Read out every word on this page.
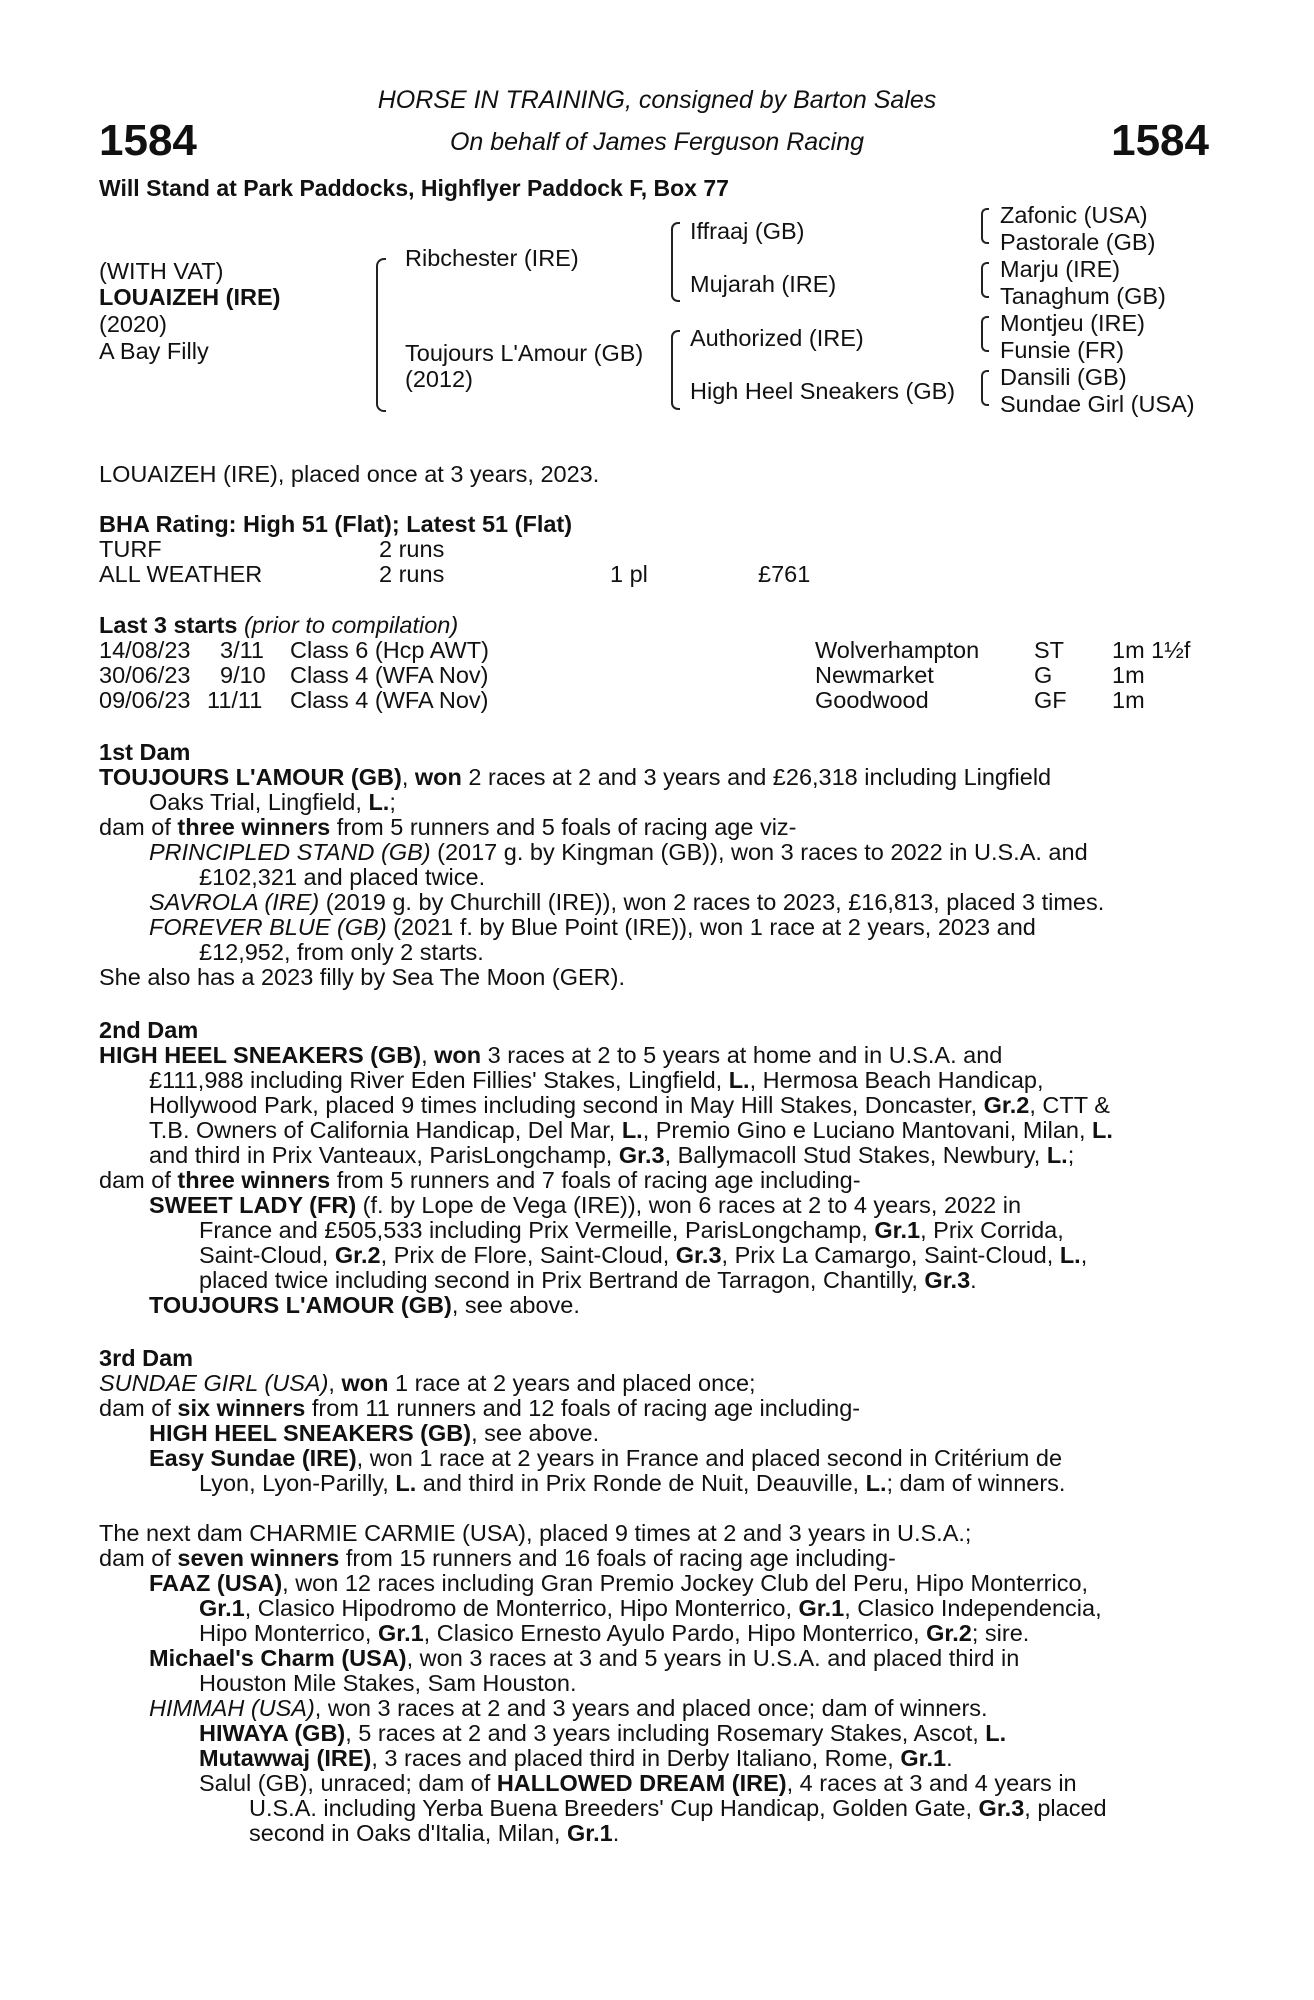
1584	1584
HORSE IN TRAINING, consigned by Barton Sales
On behalf of James Ferguson Racing
Will Stand at Park Paddocks, Highflyer Paddock F, Box 77
(WITH VAT)
LOUAIZEH (IRE)
(2020)
A Bay Filly
Ribchester (IRE)
Toujours L'Amour (GB)
(2012)
Iffraaj (GB)
Mujarah (IRE)
Authorized (IRE)
High Heel Sneakers (GB)
Zafonic (USA)
Pastorale (GB)
Marju (IRE)
Tanaghum (GB)
Montjeu (IRE)
Funsie (FR)
Dansili (GB)
Sundae Girl (USA)
LOUAIZEH (IRE), placed once at 3 years, 2023.
BHA Rating: High 51 (Flat); Latest 51 (Flat)
TURF	2 runs
ALL WEATHER	2 runs	1 pl	£761
Last 3 starts (prior to compilation)
14/08/23 3/11 Class 6 (Hcp AWT)	Wolverhampton ST 1m 1½f
30/06/23 9/10 Class 4 (WFA Nov)	Newmarket	G	1m
09/06/23 11/11 Class 4 (WFA Nov)	Goodwood	GF 1m
1st Dam
TOUJOURS L'AMOUR (GB), won 2 races at 2 and 3 years and £26,318 including Lingfield
Oaks Trial, Lingfield, L.;
dam of three winners from 5 runners and 5 foals of racing age viz-
PRINCIPLED STAND (GB) (2017 g. by Kingman (GB)), won 3 races to 2022 in U.S.A. and
£102,321 and placed twice.
SAVROLA (IRE) (2019 g. by Churchill (IRE)), won 2 races to 2023, £16,813, placed 3 times.
FOREVER BLUE (GB) (2021 f. by Blue Point (IRE)), won 1 race at 2 years, 2023 and
£12,952, from only 2 starts.
She also has a 2023 filly by Sea The Moon (GER).
2nd Dam
HIGH HEEL SNEAKERS (GB), won 3 races at 2 to 5 years at home and in U.S.A. and
£111,988 including River Eden Fillies' Stakes, Lingfield, L., Hermosa Beach Handicap,
Hollywood Park, placed 9 times including second in May Hill Stakes, Doncaster, Gr.2, CTT &
T.B. Owners of California Handicap, Del Mar, L., Premio Gino e Luciano Mantovani, Milan, L.
and third in Prix Vanteaux, ParisLongchamp, Gr.3, Ballymacoll Stud Stakes, Newbury, L.;
dam of three winners from 5 runners and 7 foals of racing age including-
SWEET LADY (FR) (f. by Lope de Vega (IRE)), won 6 races at 2 to 4 years, 2022 in
France and £505,533 including Prix Vermeille, ParisLongchamp, Gr.1, Prix Corrida,
Saint-Cloud, Gr.2, Prix de Flore, Saint-Cloud, Gr.3, Prix La Camargo, Saint-Cloud, L.,
placed twice including second in Prix Bertrand de Tarragon, Chantilly, Gr.3.
TOUJOURS L'AMOUR (GB), see above.
3rd Dam
SUNDAE GIRL (USA), won 1 race at 2 years and placed once;
dam of six winners from 11 runners and 12 foals of racing age including-
HIGH HEEL SNEAKERS (GB), see above.
Easy Sundae (IRE), won 1 race at 2 years in France and placed second in Critérium de
Lyon, Lyon-Parilly, L. and third in Prix Ronde de Nuit, Deauville, L.; dam of winners.
The next dam CHARMIE CARMIE (USA), placed 9 times at 2 and 3 years in U.S.A.;
dam of seven winners from 15 runners and 16 foals of racing age including-
FAAZ (USA), won 12 races including Gran Premio Jockey Club del Peru, Hipo Monterrico,
Gr.1, Clasico Hipodromo de Monterrico, Hipo Monterrico, Gr.1, Clasico Independencia,
Hipo Monterrico, Gr.1, Clasico Ernesto Ayulo Pardo, Hipo Monterrico, Gr.2; sire.
Michael's Charm (USA), won 3 races at 3 and 5 years in U.S.A. and placed third in
Houston Mile Stakes, Sam Houston.
HIMMAH (USA), won 3 races at 2 and 3 years and placed once; dam of winners.
HIWAYA (GB), 5 races at 2 and 3 years including Rosemary Stakes, Ascot, L.
Mutawwaj (IRE), 3 races and placed third in Derby Italiano, Rome, Gr.1.
Salul (GB), unraced; dam of HALLOWED DREAM (IRE), 4 races at 3 and 4 years in
U.S.A. including Yerba Buena Breeders' Cup Handicap, Golden Gate, Gr.3, placed
second in Oaks d'Italia, Milan, Gr.1.
